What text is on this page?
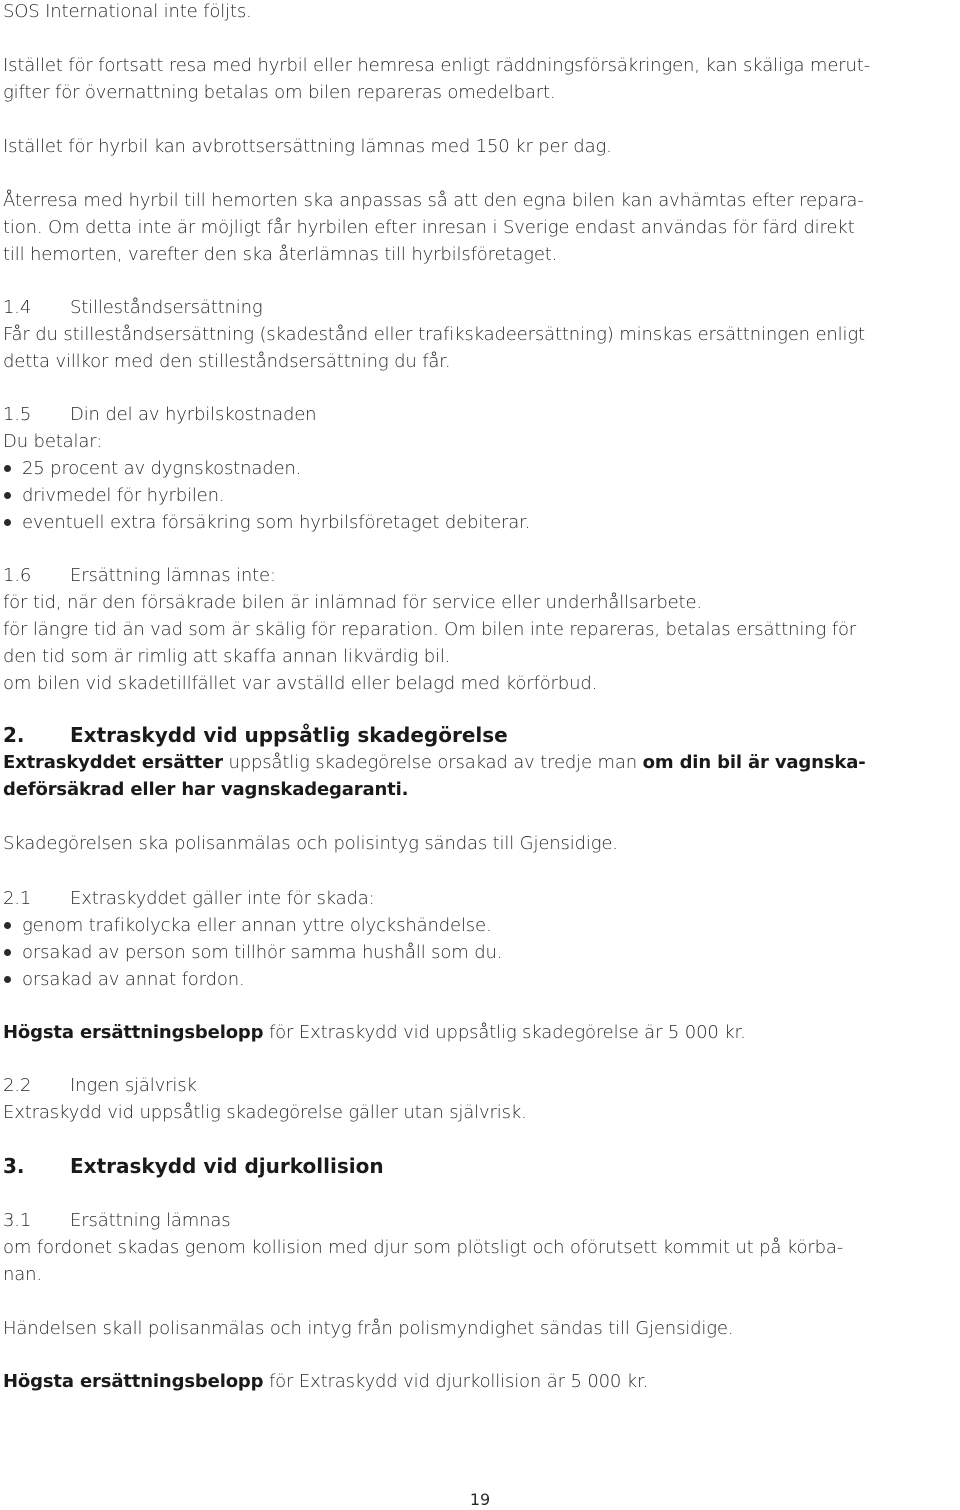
SOS International inte följts.

Istället för fortsatt resa med hyrbil eller hemresa enligt räddningsförsäkringen, kan skäliga merut-

gifter för övernattning betalas om bilen repareras omedelbart.

Istället för hyrbil kan avbrottsersättning lämnas med 150 kr per dag.

Återresa med hyrbil till hemorten ska anpassas så att den egna bilen kan avhämtas efter repara-

tion. Om detta inte är möjligt får hyrbilen efter inresan i Sverige endast användas för färd direkt

till hemorten, varefter den ska återlämnas till hyrbilsföretaget.

1.4 Stilleståndsersättning

Får du stilleståndsersättning (skadestånd eller trafikskadeersättning) minskas ersättningen enligt

detta villkor med den stilleståndsersättning du får.

1.5 Din del av hyrbilskostnaden

Du betalar:

25 procent av dygnskostnaden.
drivmedel för hyrbilen.
eventuell extra försäkring som hyrbilsföretaget debiterar.

1.6 Ersättning lämnas inte:

för tid, när den försäkrade bilen är inlämnad för service eller underhållsarbete.

för längre tid än vad som är skälig för reparation. Om bilen inte repareras, betalas ersättning för

den tid som är rimlig att skaffa annan likvärdig bil.

om bilen vid skadetillfället var avställd eller belagd med körförbud.

2. Extraskydd vid uppsåtlig skadegörelse

Extraskyddet ersätter uppsåtlig skadegörelse orsakad av tredje man om din bil är vagnska-

deförsäkrad eller har vagnskadegaranti.

Skadegörelsen ska polisanmälas och polisintyg sändas till Gjensidige.

2.1 Extraskyddet gäller inte för skada:

genom trafikolycka eller annan yttre olyckshändelse.
orsakad av person som tillhör samma hushåll som du.
orsakad av annat fordon.

Högsta ersättningsbelopp för Extraskydd vid uppsåtlig skadegörelse är 5 000 kr.

2.2 Ingen självrisk

Extraskydd vid uppsåtlig skadegörelse gäller utan självrisk.

3. Extraskydd vid djurkollision

3.1 Ersättning lämnas

om fordonet skadas genom kollision med djur som plötsligt och oförutsett kommit ut på körba-

nan.

Händelsen skall polisanmälas och intyg från polismyndighet sändas till Gjensidige.

Högsta ersättningsbelopp för Extraskydd vid djurkollision är 5 000 kr.

19
